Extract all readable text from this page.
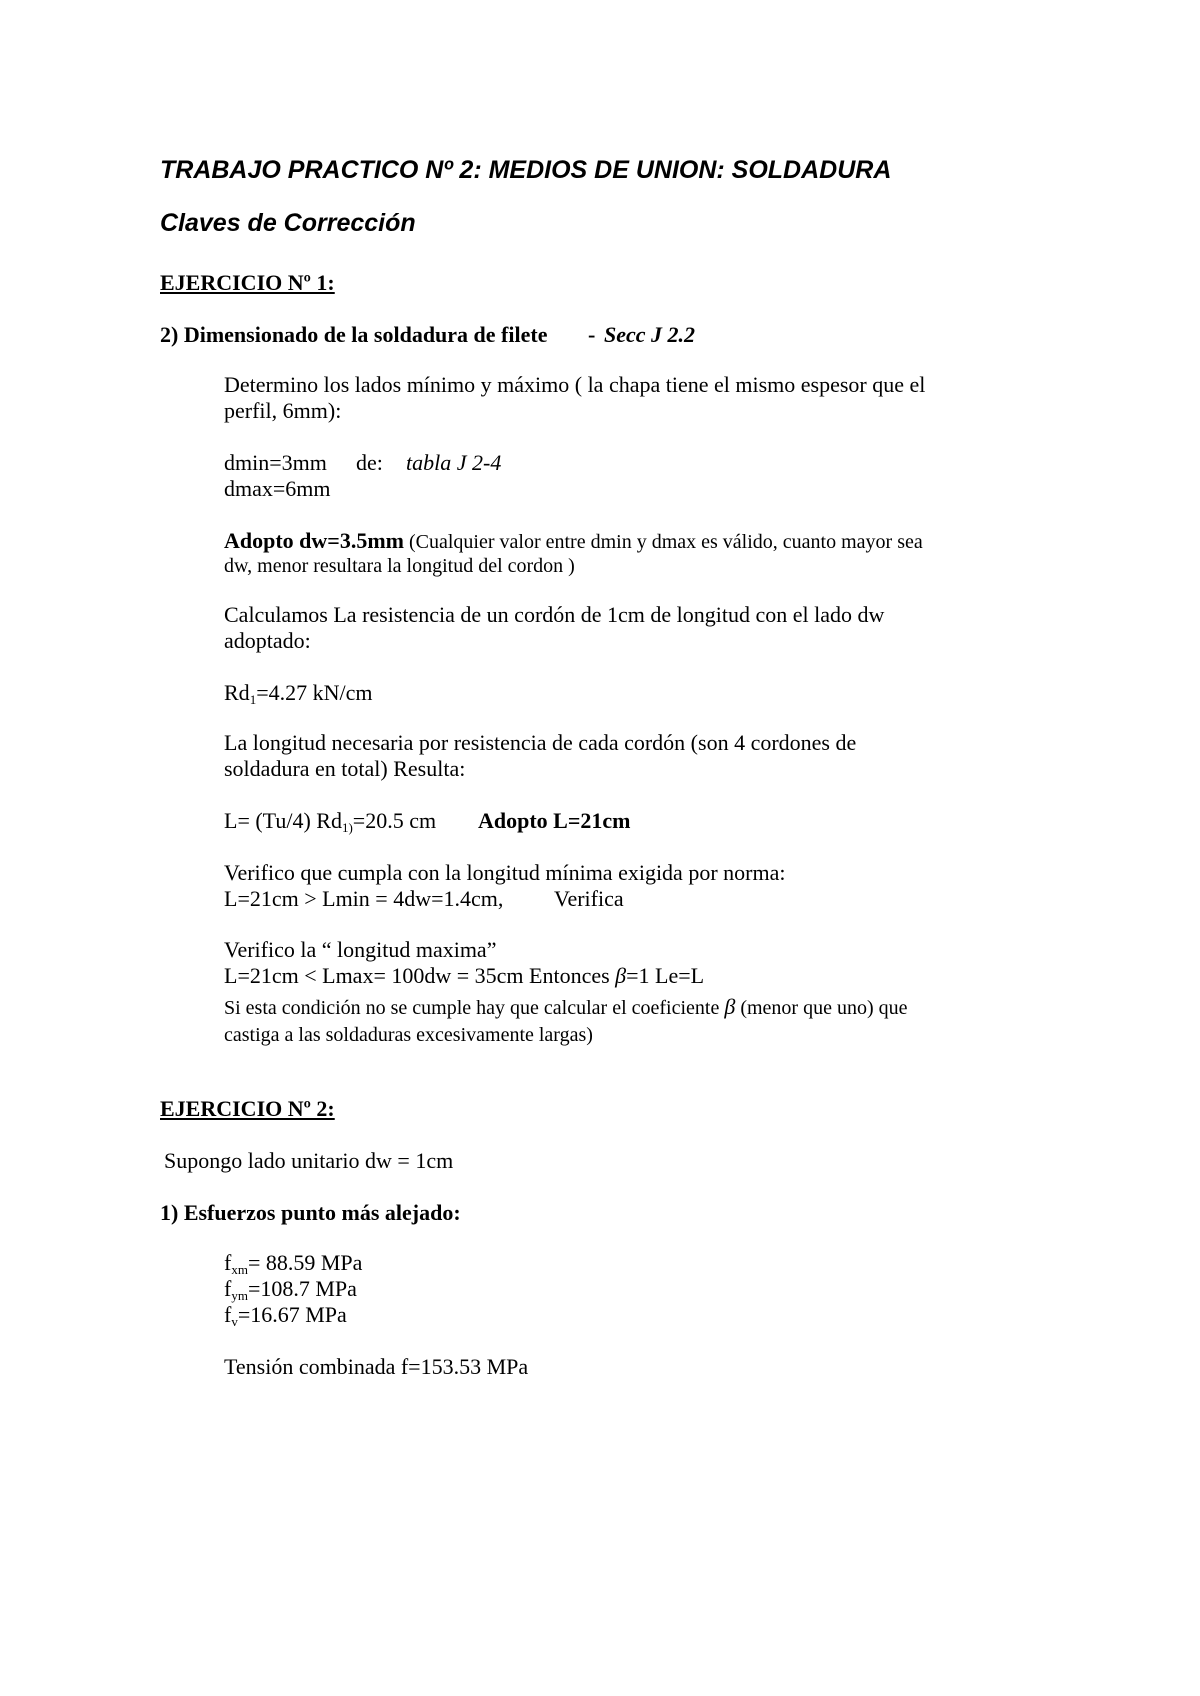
TRABAJO PRACTICO Nº 2: MEDIOS DE UNION: SOLDADURA
Claves de Corrección
EJERCICIO Nº 1:
2) Dimensionado de la soldadura de filete - Secc J 2.2
Determino los lados mínimo y máximo ( la chapa tiene el mismo espesor que el
perfil, 6mm):
dmin=3mm de: tabla J 2-4
dmax=6mm
Adopto dw=3.5mm (Cualquier valor entre dmin y dmax es válido, cuanto mayor sea
dw, menor resultara la longitud del cordon )
Calculamos La resistencia de un cordón de 1cm de longitud con el lado dw
adoptado:
$Rd_1=4.27$ kN/cm
La longitud necesaria por resistencia de cada cordón (son 4 cordones de
soldadura en total) Resulta:
L= (Tu/4) $Rd_{1)}=20.5$ cm Adopto L=21cm
Verifico que cumpla con la longitud mínima exigida por norma:
L=21cm > Lmin = 4dw=1.4cm, Verifica
Verifico la “ longitud maxima”
L=21cm < Lmax= 100dw = 35cm Entonces β=1 Le=L
Si esta condición no se cumple hay que calcular el coeficiente β (menor que uno) que
castiga a las soldaduras excesivamente largas)
EJERCICIO Nº 2:
Supongo lado unitario dw = 1cm
1) Esfuerzos punto más alejado:
$f_{xm}= 88.59$ MPa
$f_{ym}=108.7$ MPa
$f_v=16.67$ MPa
Tensión combinada f=153.53 MPa
